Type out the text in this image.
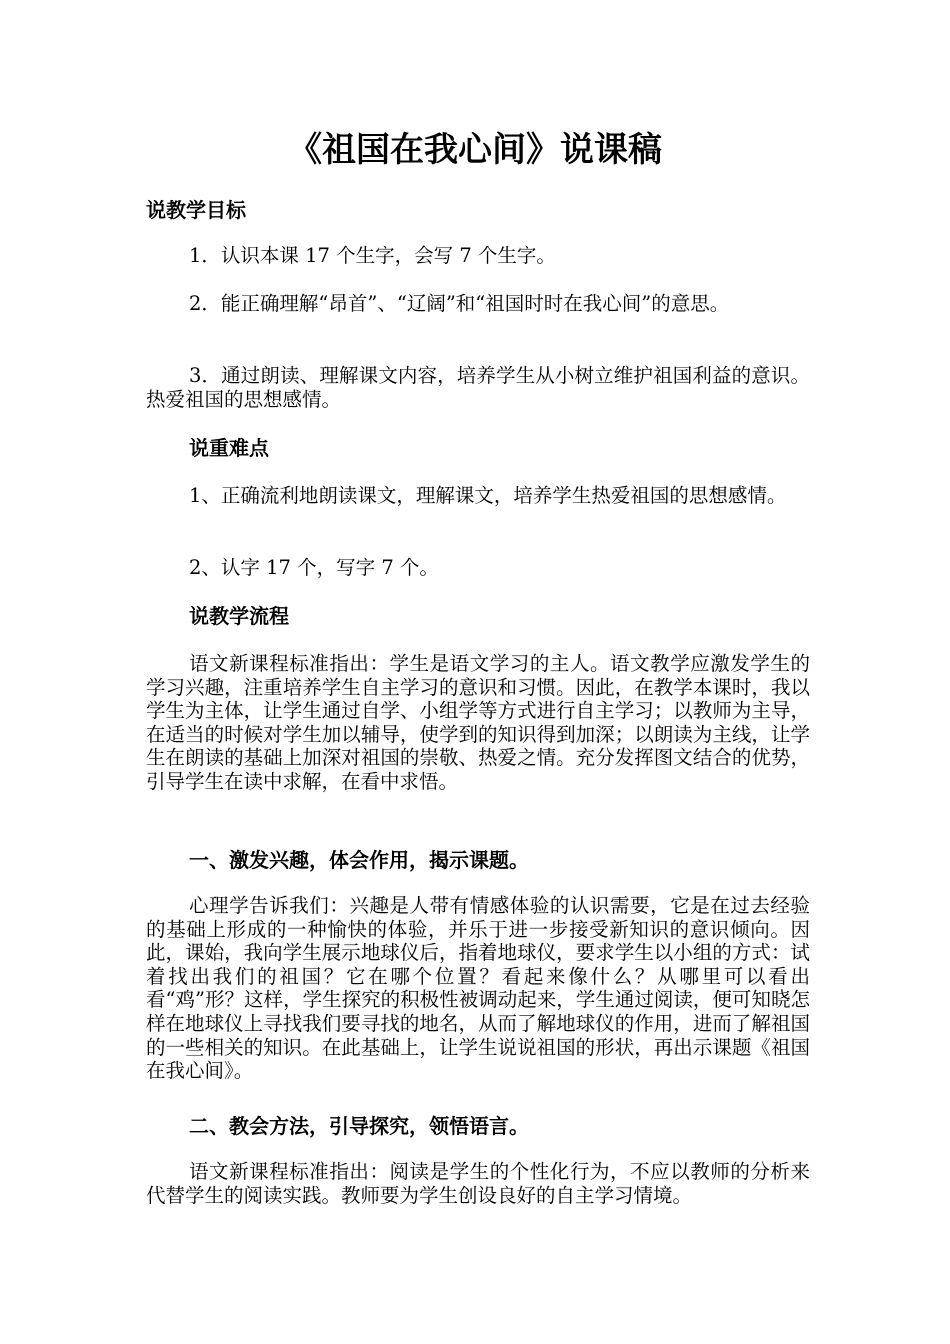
《祖国在我心间》说课稿
说教学目标
1．认识本课 17 个生字，会写 7 个生字。
2．能正确理解“昂首”、“辽阔”和“祖国时时在我心间”的意思。
3．通过朗读、理解课文内容，培养学生从小树立维护祖国利益的意识。热爱祖国的思想感情。
说重难点
1、正确流利地朗读课文，理解课文，培养学生热爱祖国的思想感情。
2、认字 17 个，写字 7 个。
说教学流程
语文新课程标准指出：学生是语文学习的主人。语文教学应激发学生的学习兴趣，注重培养学生自主学习的意识和习惯。因此，在教学本课时，我以学生为主体，让学生通过自学、小组学等方式进行自主学习；以教师为主导，在适当的时候对学生加以辅导，使学到的知识得到加深；以朗读为主线，让学生在朗读的基础上加深对祖国的崇敬、热爱之情。充分发挥图文结合的优势，引导学生在读中求解，在看中求悟。
一、激发兴趣，体会作用，揭示课题。
心理学告诉我们：兴趣是人带有情感体验的认识需要，它是在过去经验的基础上形成的一种愉快的体验，并乐于进一步接受新知识的意识倾向。因此，课始，我向学生展示地球仪后，指着地球仪，要求学生以小组的方式：试着找出我们的祖国？它在哪个位置？看起来像什么？从哪里可以看出看“鸡”形？这样，学生探究的积极性被调动起来，学生通过阅读，便可知晓怎样在地球仪上寻找我们要寻找的地名，从而了解地球仪的作用，进而了解祖国的一些相关的知识。在此基础上，让学生说说祖国的形状，再出示课题《祖国在我心间》。
二、教会方法，引导探究，领悟语言。
语文新课程标准指出：阅读是学生的个性化行为，不应以教师的分析来代替学生的阅读实践。教师要为学生创设良好的自主学习情境。
